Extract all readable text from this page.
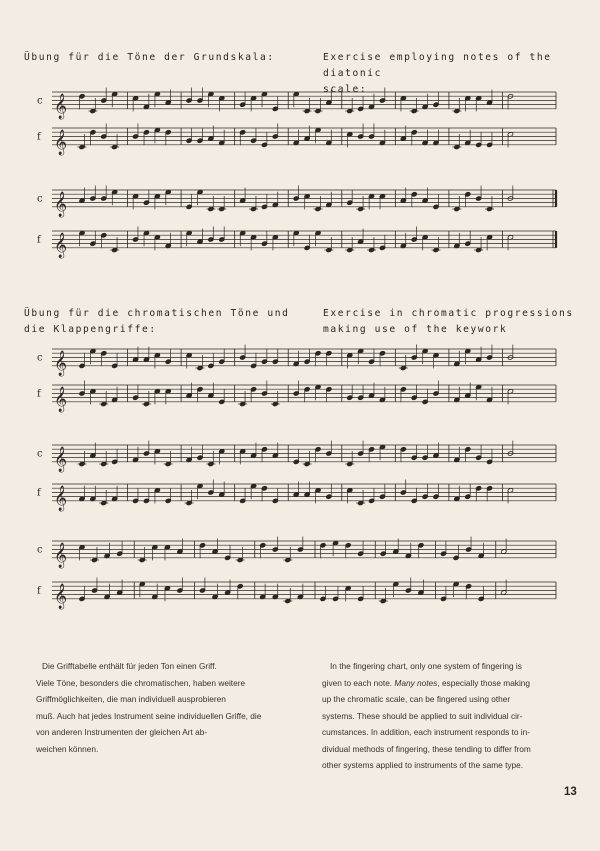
Übung für die Töne der Grundskala:	Exercise employing notes of the diatonic
scale:
Übung für die chromatischen Töne und
die Klappengriffe:
Exercise in chromatic progressions
making use of the keywork
𝄞
c
𝄞
f
𝄞
c
𝄞
f
𝄞
c
𝄞
f
𝄞
c
𝄞
f
𝄞
c
𝄞
f
Die Grifftabelle enthält für jeden Ton einen Griff.
Viele Töne, besonders die chromatischen, haben weitere Griffmöglichkeiten, die man individuell ausprobieren
muß. Auch hat jedes Instrument seine individuellen Griffe, die von anderen Instrumenten der gleichen Art ab-
weichen können.
In the fingering chart, only one system of fingering is
given to each note. Many notes, especially those making
up the chromatic scale, can be fingered using other
systems. These should be applied to suit individual cir-
cumstances. In addition, each instrument responds to in-
dividual methods of fingering, these tending to differ from
other systems applied to instruments of the same type.
13
